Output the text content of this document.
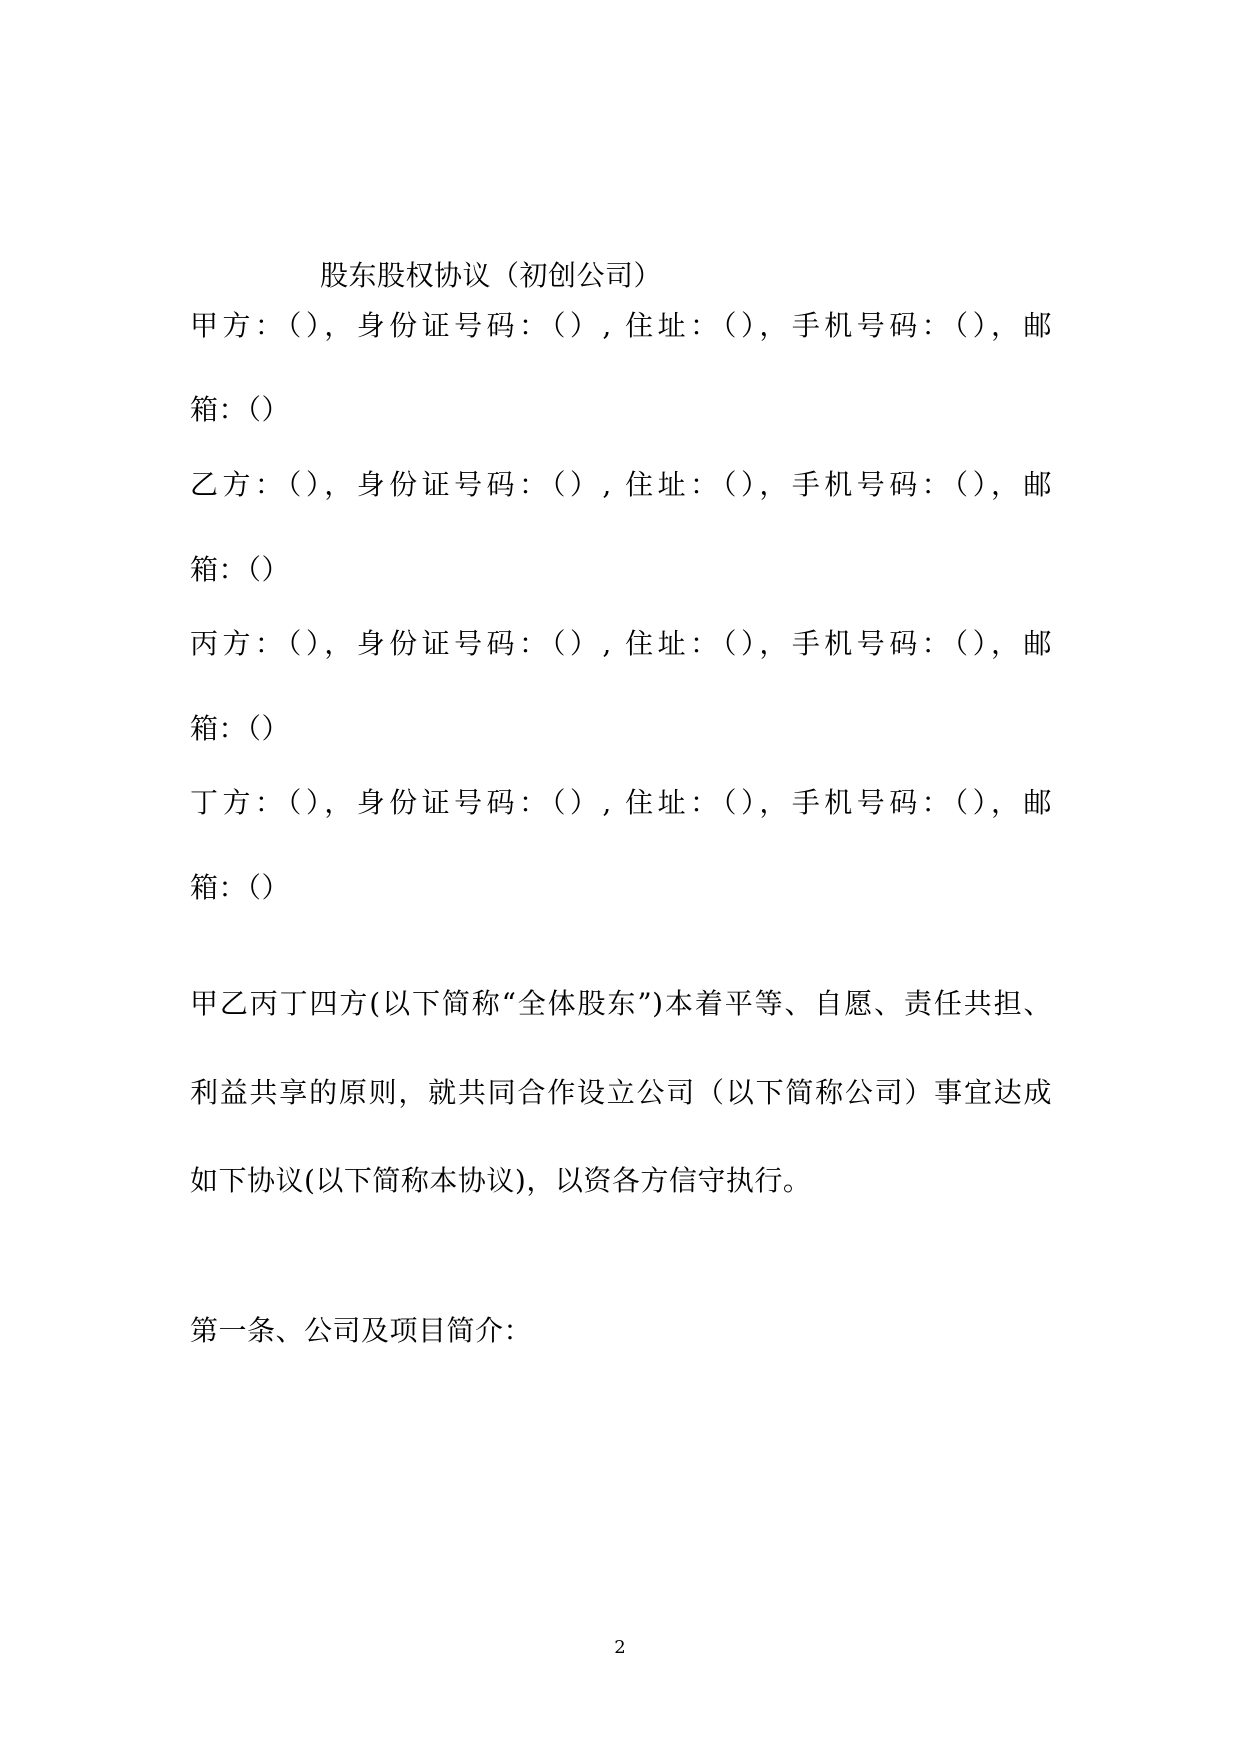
股东股权协议（初创公司）
甲方：（），身份证号码：（）, 住址：（），手机号码：（），邮
箱：（）
乙方：（），身份证号码：（）, 住址：（），手机号码：（），邮
箱：（）
丙方：（），身份证号码：（）, 住址：（），手机号码：（），邮
箱：（）
丁方：（），身份证号码：（）, 住址：（），手机号码：（），邮
箱：（）
甲乙丙丁四方(以下简称“全体股东”)本着平等、自愿、责任共担、
利益共享的原则，就共同合作设立公司（以下简称公司）事宜达成
如下协议(以下简称本协议)，以资各方信守执行。
第一条、公司及项目简介：
2
